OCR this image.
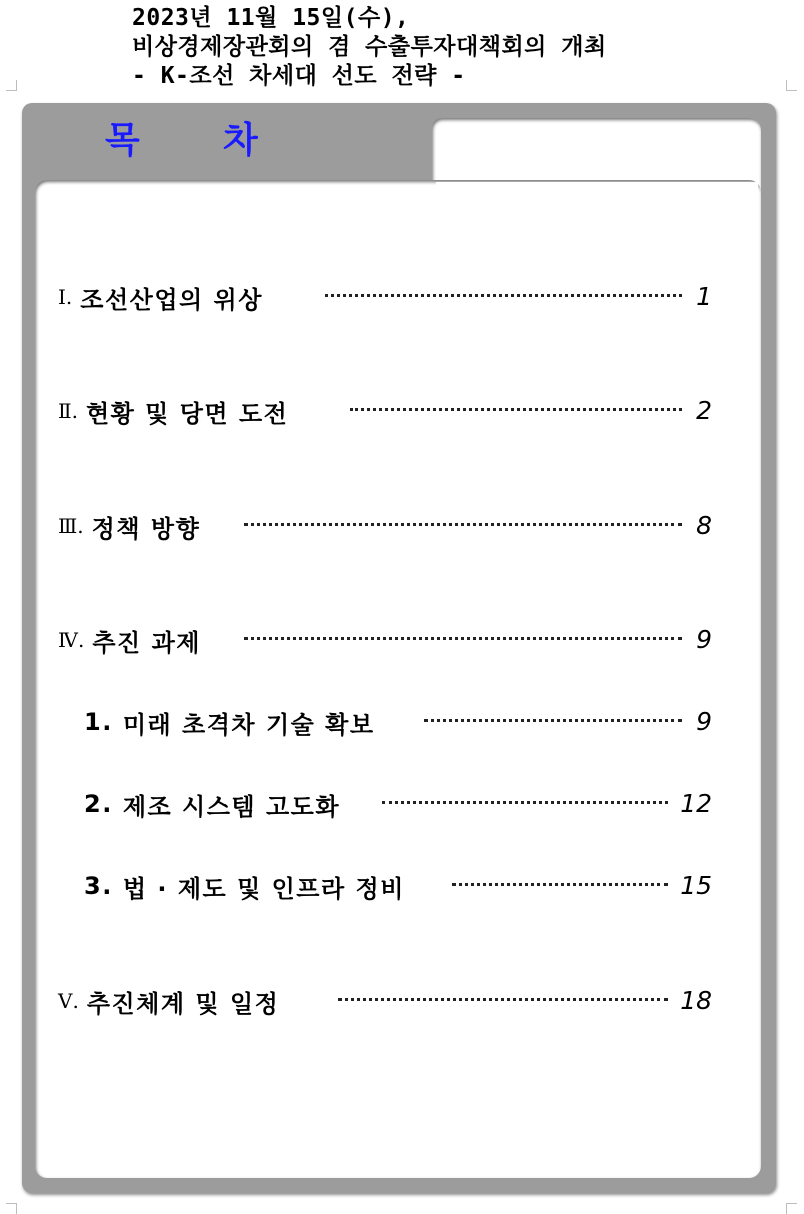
2023년 11월 15일(수),
비상경제장관회의 겸 수출투자대책회의 개최
- K-조선 차세대 선도 전략 -
목 차
Ⅰ. 조선산업의 위상	1
Ⅱ. 현황 및 당면 도전	2
Ⅲ. 정책 방향	8
Ⅳ. 추진 과제	9
1. 미래 초격차 기술 확보	9
2. 제조 시스템 고도화	12
3. 법 · 제도 및 인프라 정비	15
Ⅴ. 추진체계 및 일정	18
